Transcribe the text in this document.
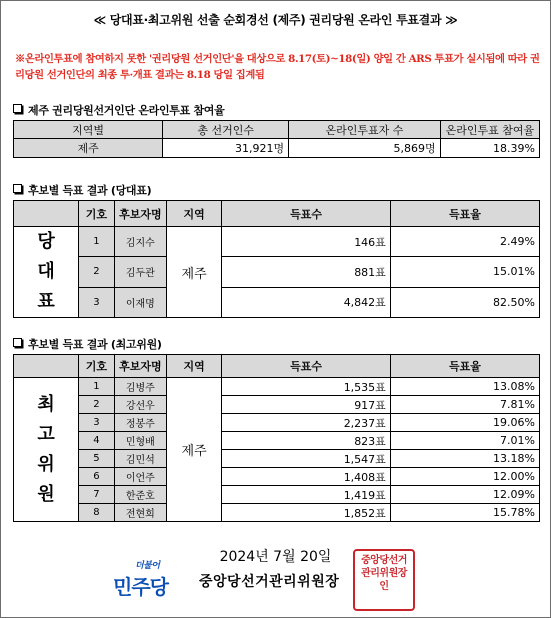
≪ 당대표·최고위원 선출 순회경선 (제주) 권리당원 온라인 투표결과 ≫
※온라인투표에 참여하지 못한 '권리당원 선거인단'을 대상으로 8.17(토)~18(일) 양일 간 ARS 투표가 실시됨에 따라 권리당원 선거인단의 최종 투·개표 결과는 8.18 당일 집계됨
제주 권리당원선거인단 온라인투표 참여율
지역별	총 선거인수	온라인투표자 수	온라인투표 참여율
제주	31,921명	5,869명	18.39%
후보별 득표 결과 (당대표)
	기호	후보자명	지역	득표수	득표율

당
대
표	1	김지수	제주	146표	2.49%
	2	김두관		881표	15.01%
	3	이재명		4,842표	82.50%
후보별 득표 결과 (최고위원)
	기호	후보자명	지역	득표수	득표율

최
고
위
원	1	김병주	제주	1,535표	13.08%
	2	강선우		917표	7.81%
	3	정봉주		2,237표	19.06%
	4	민형배		823표	7.01%
	5	김민석		1,547표	13.18%
	6	이언주		1,408표	12.00%
	7	한준호		1,419표	12.09%
	8	전현희		1,852표	15.78%
2024년 7월 20일
더불어
민주당 중앙당선거관리위원장
중앙당선거관리위원장인
